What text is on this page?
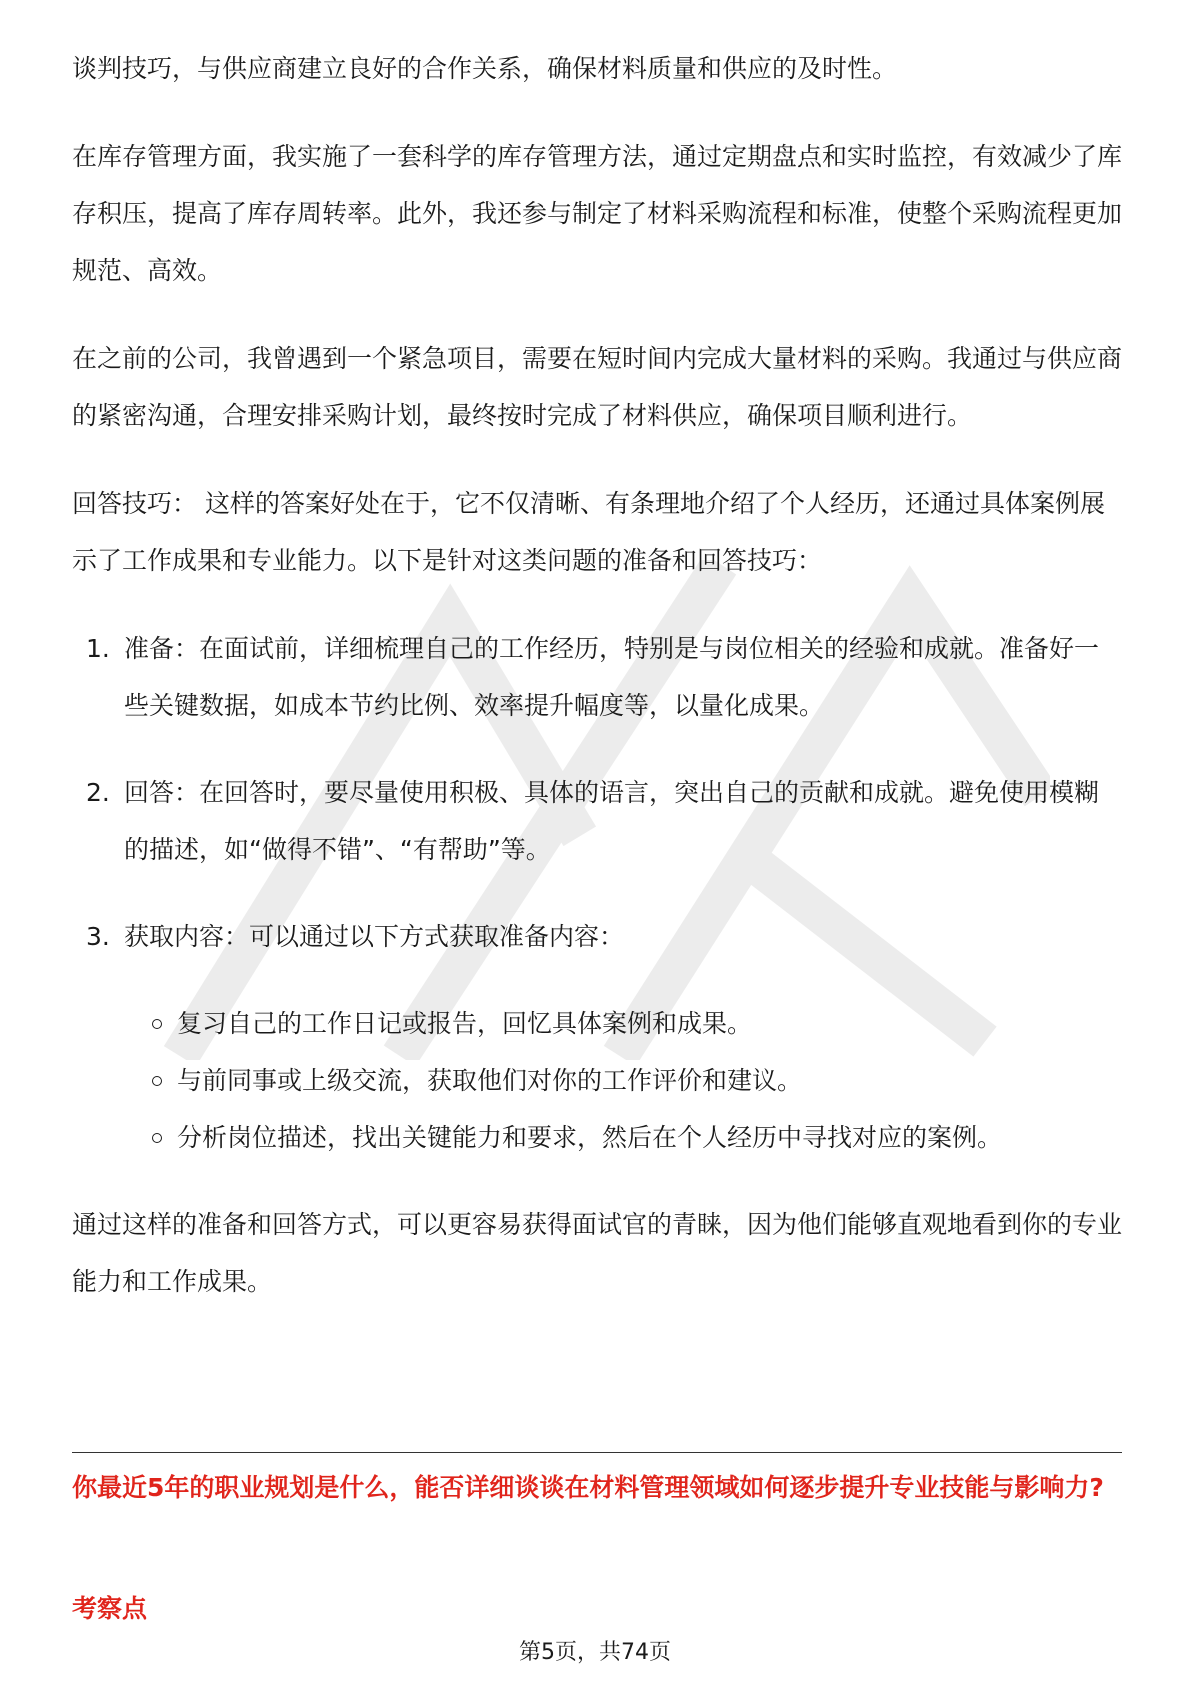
谈判技巧，与供应商建立良好的合作关系，确保材料质量和供应的及时性。

在库存管理方面，我实施了一套科学的库存管理方法，通过定期盘点和实时监控，有效减少了库存积压，提高了库存周转率。此外，我还参与制定了材料采购流程和标准，使整个采购流程更加规范、高效。

在之前的公司，我曾遇到一个紧急项目，需要在短时间内完成大量材料的采购。我通过与供应商的紧密沟通，合理安排采购计划，最终按时完成了材料供应，确保项目顺利进行。

回答技巧： 这样的答案好处在于，它不仅清晰、有条理地介绍了个人经历，还通过具体案例展示了工作成果和专业能力。以下是针对这类问题的准备和回答技巧：

1. 准备：在面试前，详细梳理自己的工作经历，特别是与岗位相关的经验和成就。准备好一些关键数据，如成本节约比例、效率提升幅度等，以量化成果。
2. 回答：在回答时，要尽量使用积极、具体的语言，突出自己的贡献和成就。避免使用模糊的描述，如“做得不错”、“有帮助”等。
3. 获取内容：可以通过以下方式获取准备内容：
复习自己的工作日记或报告，回忆具体案例和成果。
与前同事或上级交流，获取他们对你的工作评价和建议。
分析岗位描述，找出关键能力和要求，然后在个人经历中寻找对应的案例。

通过这样的准备和回答方式，可以更容易获得面试官的青睐，因为他们能够直观地看到你的专业能力和工作成果。

你最近5年的职业规划是什么，能否详细谈谈在材料管理领域如何逐步提升专业技能与影响力?
考察点
第5页，共74页
